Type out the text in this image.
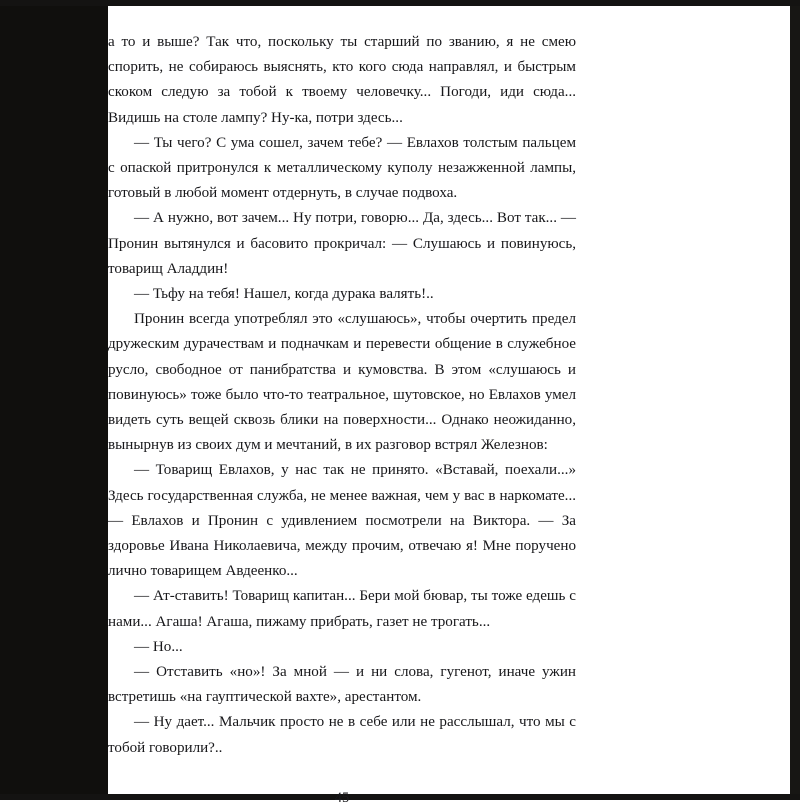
а то и выше? Так что, поскольку ты старший по званию, я не смею спорить, не собираюсь выяснять, кто кого сюда направлял, и быстрым скоком следую за тобой к твоему человечку... Погоди, иди сюда... Видишь на столе лампу? Ну-ка, потри здесь...

— Ты чего? С ума сошел, зачем тебе? — Евлахов толстым пальцем с опаской притронулся к металлическому куполу незажженной лампы, готовый в любой момент отдернуть, в случае подвоха.

— А нужно, вот зачем... Ну потри, говорю... Да, здесь... Вот так... — Пронин вытянулся и басовито прокричал: — Слушаюсь и повинуюсь, товарищ Аладдин!

— Тьфу на тебя! Нашел, когда дурака валять!..

Пронин всегда употреблял это «слушаюсь», чтобы очертить предел дружеским дурачествам и подначкам и перевести общение в служебное русло, свободное от панибратства и кумовства. В этом «слушаюсь и повинуюсь» тоже было что-то театральное, шутовское, но Евлахов умел видеть суть вещей сквозь блики на поверхности... Однако неожиданно, вынырнув из своих дум и мечтаний, в их разговор встрял Железнов:

— Товарищ Евлахов, у нас так не принято. «Вставай, поехали...» Здесь государственная служба, не менее важная, чем у вас в наркомате... — Евлахов и Пронин с удивлением посмотрели на Виктора. — За здоровье Ивана Николаевича, между прочим, отвечаю я! Мне поручено лично товарищем Авдеенко...

— Ат-ставить! Товарищ капитан... Бери мой бювар, ты тоже едешь с нами... Агаша! Агаша, пижаму прибрать, газет не трогать...

— Но...

— Отставить «но»! За мной — и ни слова, гугенот, иначе ужин встретишь «на гауптической вахте», арестантом.

— Ну дает... Мальчик просто не в себе или не расслышал, что мы с тобой говорили?..

45
